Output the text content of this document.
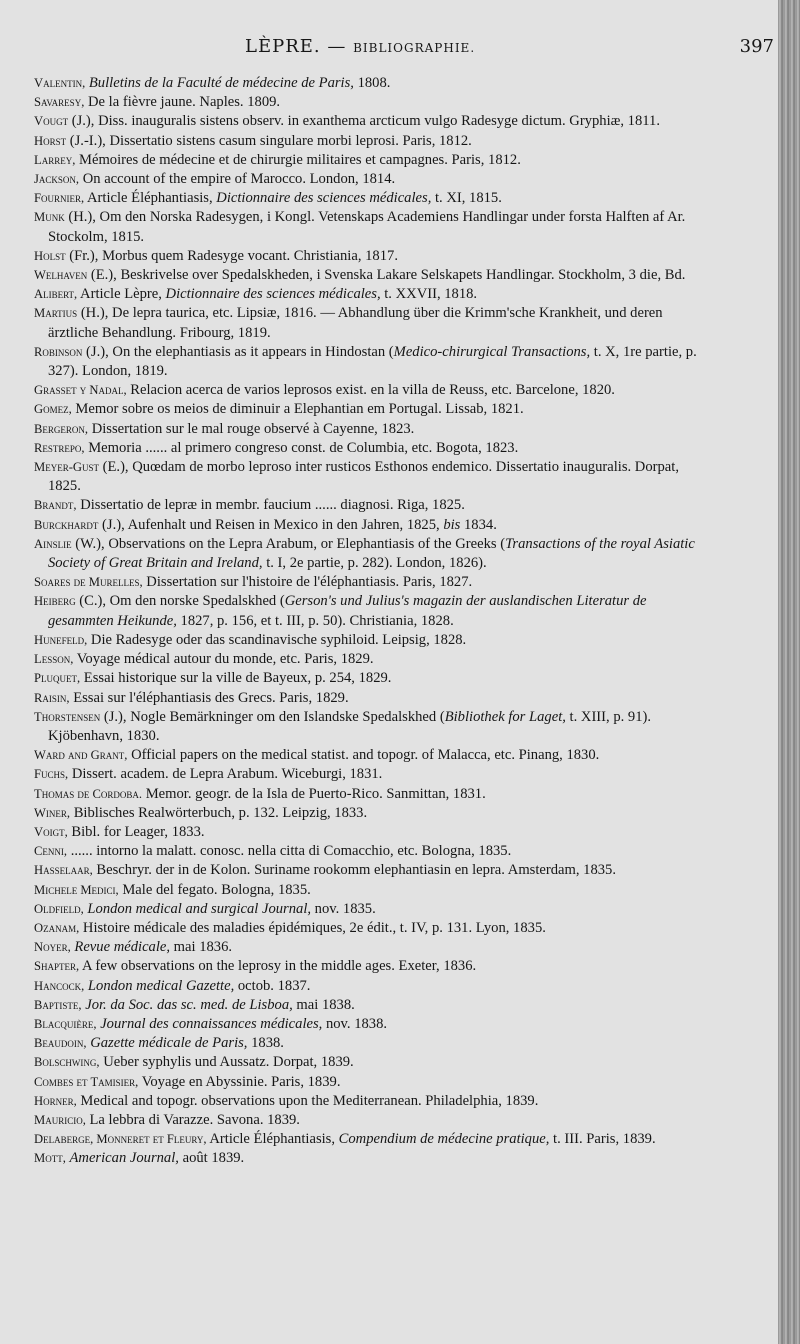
LÈPRE. — BIBLIOGRAPHIE.	397
Valentin, Bulletins de la Faculté de médecine de Paris, 1808.
Savaresy, De la fièvre jaune. Naples. 1809.
Vougt (J.), Diss. inauguralis sistens observ. in exanthema arcticum vulgo Radesyge dictum. Gryphiæ, 1811.
Horst (J.-I.), Dissertatio sistens casum singulare morbi leprosi. Paris, 1812.
Larrey, Mémoires de médecine et de chirurgie militaires et campagnes. Paris, 1812.
Jackson, On account of the empire of Marocco. London, 1814.
Fournier, Article Éléphantiasis, Dictionnaire des sciences médicales, t. XI, 1815.
Munk (H.), Om den Norska Radesygen, i Kongl. Vetenskaps Academiens Handlingar under forsta Halften af Ar. Stockolm, 1815.
Holst (Fr.), Morbus quem Radesyge vocant. Christiania, 1817.
Welhaven (E.), Beskrivelse over Spedalskheden, i Svenska Lakare Selskapets Handlingar. Stockholm, 3 die, Bd.
Alibert, Article Lèpre, Dictionnaire des sciences médicales, t. XXVII, 1818.
Martius (H.), De lepra taurica, etc. Lipsiæ, 1816. — Abhandlung über die Krimm'sche Krankheit, und deren ärztliche Behandlung. Fribourg, 1819.
Robinson (J.), On the elephantiasis as it appears in Hindostan (Medico-chirurgical Transactions, t. X, 1re partie, p. 327). London, 1819.
Grasset y Nadal, Relacion acerca de varios leprosos exist. en la villa de Reuss, etc. Barcelone, 1820.
Gomez, Memor sobre os meios de diminuir a Elephantian em Portugal. Lissab, 1821.
Bergeron, Dissertation sur le mal rouge observé à Cayenne, 1823.
Restrepo, Memoria ...... al primero congreso const. de Columbia, etc. Bogota, 1823.
Meyer-Gust (E.), Quœdam de morbo leproso inter rusticos Esthonos endemico. Dissertatio inauguralis. Dorpat, 1825.
Brandt, Dissertatio de lepræ in membr. faucium ...... diagnosi. Riga, 1825.
Burckhardt (J.), Aufenhalt und Reisen in Mexico in den Jahren, 1825, bis 1834.
Ainslie (W.), Observations on the Lepra Arabum, or Elephantiasis of the Greeks (Transactions of the royal Asiatic Society of Great Britain and Ireland, t. I, 2e partie, p. 282). London, 1826).
Soares de Murelles, Dissertation sur l'histoire de l'éléphantiasis. Paris, 1827.
Heiberg (C.), Om den norske Spedalskhed (Gerson's und Julius's magazin der auslandischen Literatur de gesammten Heikunde, 1827, p. 156, et t. III, p. 50). Christiania, 1828.
Hunefeld, Die Radesyge oder das scandinavische syphiloid. Leipsig, 1828.
Lesson, Voyage médical autour du monde, etc. Paris, 1829.
Pluquet, Essai historique sur la ville de Bayeux, p. 254, 1829.
Raisin, Essai sur l'éléphantiasis des Grecs. Paris, 1829.
Thorstensen (J.), Nogle Bemärkninger om den Islandske Spedalskhed (Bibliothek for Laget, t. XIII, p. 91). Kjöbenhavn, 1830.
Ward and Grant, Official papers on the medical statist. and topogr. of Malacca, etc. Pinang, 1830.
Fuchs, Dissert. academ. de Lepra Arabum. Wiceburgi, 1831.
Thomas de Cordoba. Memor. geogr. de la Isla de Puerto-Rico. Sanmittan, 1831.
Winer, Biblisches Realwörterbuch, p. 132. Leipzig, 1833.
Voigt, Bibl. for Leager, 1833.
Cenni, ...... intorno la malatt. conosc. nella citta di Comacchio, etc. Bologna, 1835.
Hasselaar, Beschryr. der in de Kolon. Suriname rookomm elephantiasin en lepra. Amsterdam, 1835.
Michele Medici, Male del fegato. Bologna, 1835.
Oldfield, London medical and surgical Journal, nov. 1835.
Ozanam, Histoire médicale des maladies épidémiques, 2e édit., t. IV, p. 131. Lyon, 1835.
Noyer, Revue médicale, mai 1836.
Shapter, A few observations on the leprosy in the middle ages. Exeter, 1836.
Hancock, London medical Gazette, octob. 1837.
Baptiste, Jor. da Soc. das sc. med. de Lisboa, mai 1838.
Blacquière, Journal des connaissances médicales, nov. 1838.
Beaudoin, Gazette médicale de Paris, 1838.
Bolschwing, Ueber syphylis und Aussatz. Dorpat, 1839.
Combes et Tamisier, Voyage en Abyssinie. Paris, 1839.
Horner, Medical and topogr. observations upon the Mediterranean. Philadelphia, 1839.
Mauricio, La lebbra di Varazze. Savona. 1839.
Delaberge, Monneret et Fleury, Article Éléphantiasis, Compendium de médecine pratique, t. III. Paris, 1839.
Mott, American Journal, août 1839.
